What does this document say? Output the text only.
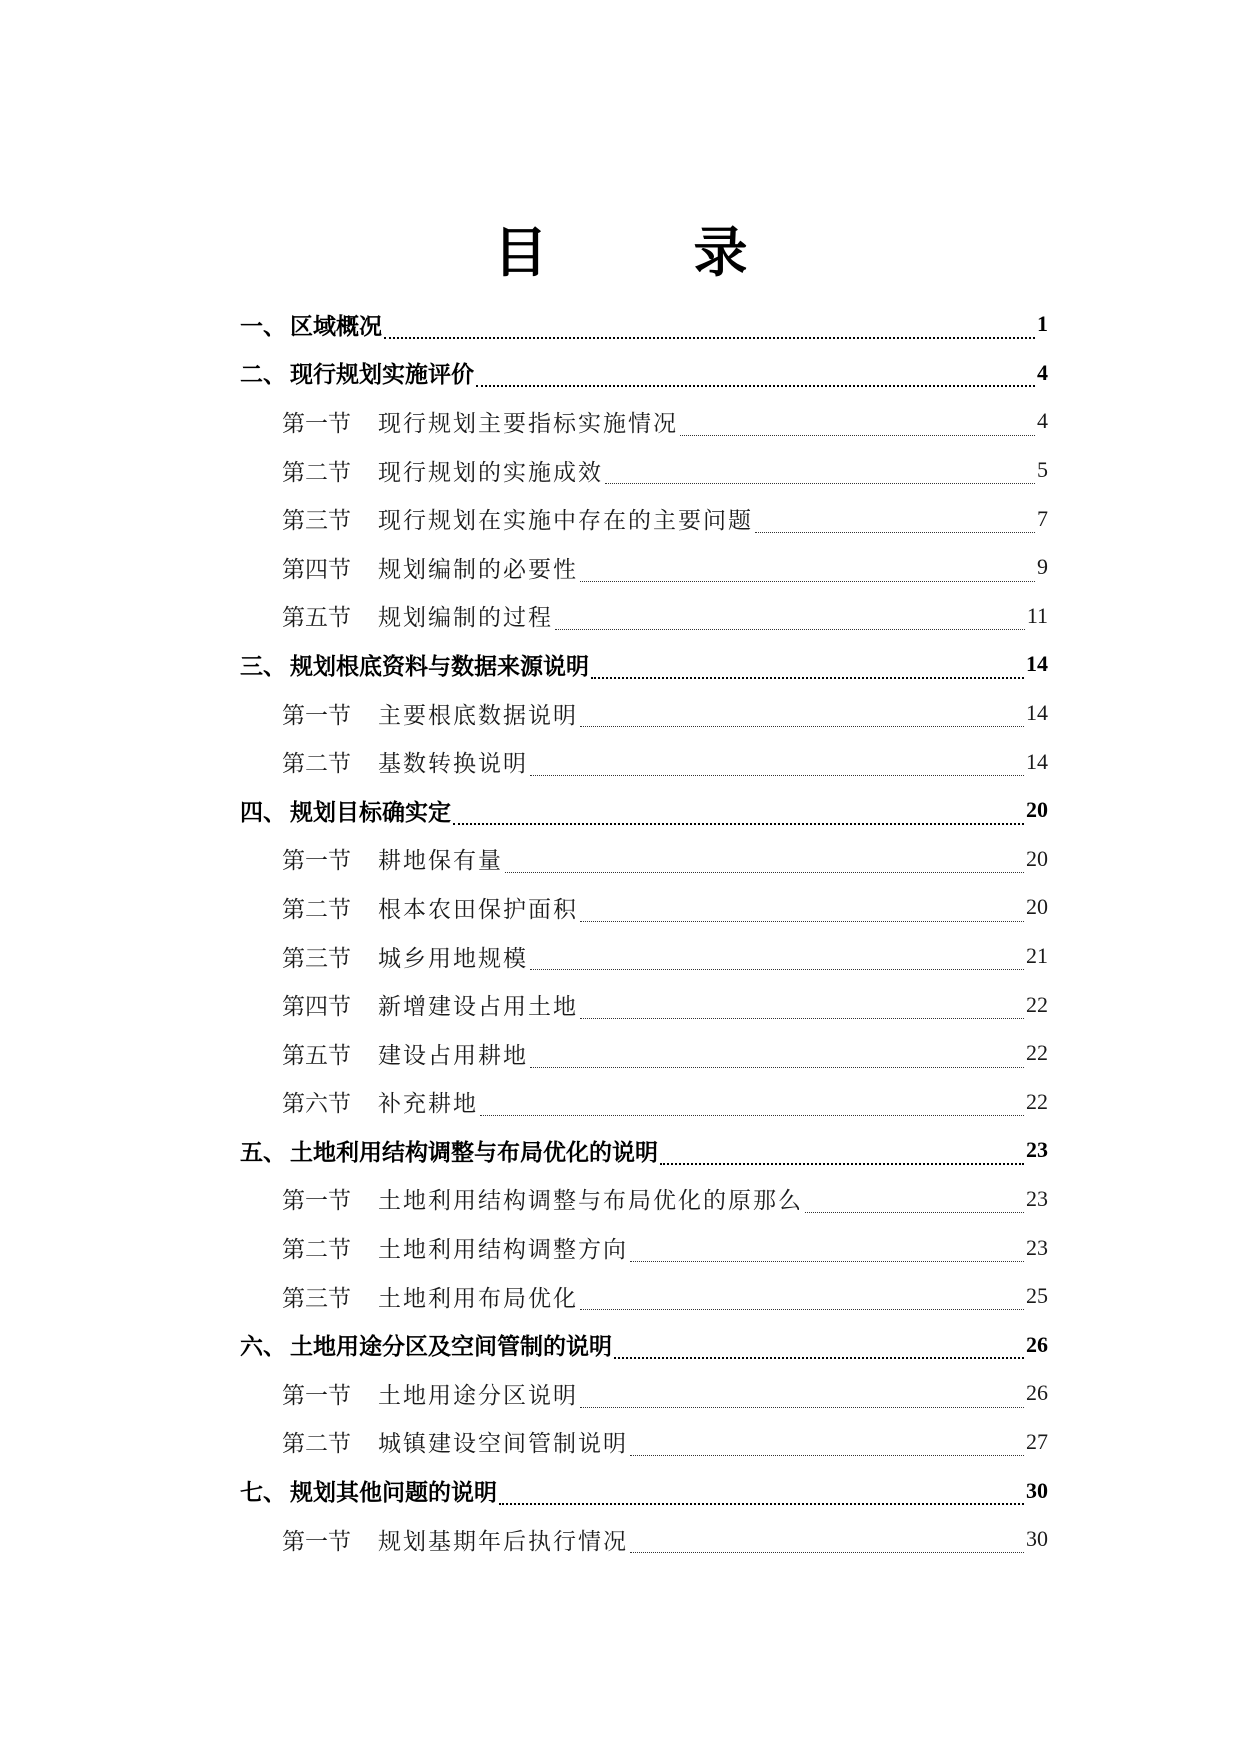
目　录
一、 区域概况	1
二、 现行规划实施评价	4
第一节	现行规划主要指标实施情况	4
第二节	现行规划的实施成效	5
第三节	现行规划在实施中存在的主要问题	7
第四节	规划编制的必要性	9
第五节	规划编制的过程	11
三、 规划根底资料与数据来源说明	14
第一节	主要根底数据说明	14
第二节	基数转换说明	14
四、 规划目标确实定	20
第一节	耕地保有量	20
第二节	根本农田保护面积	20
第三节	城乡用地规模	21
第四节	新增建设占用土地	22
第五节	建设占用耕地	22
第六节	补充耕地	22
五、 土地利用结构调整与布局优化的说明	23
第一节	土地利用结构调整与布局优化的原那么	23
第二节	土地利用结构调整方向	23
第三节	土地利用布局优化	25
六、 土地用途分区及空间管制的说明	26
第一节	土地用途分区说明	26
第二节	城镇建设空间管制说明	27
七、 规划其他问题的说明	30
第一节	规划基期年后执行情况	30
